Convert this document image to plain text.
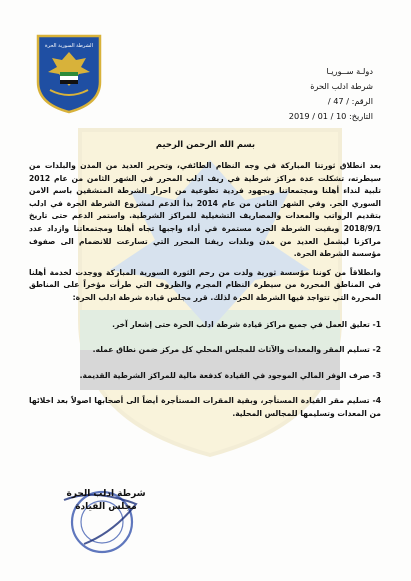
الشرطة السورية الحرة
دولـة ســوريـا
شرطة ادلب الحرة
الرقم: / 47 /
التاريخ: 10 / 01 / 2019
بسم الله الرحمن الرحيم

بعد انطلاق ثورتنا المباركة في وجه النظام الطائفي، وتحرير العديد من المدن والبلدات من سيطرته، تشكلت عدة مراكز شرطية في ريف ادلب المحرر في الشهر الثامن من عام 2012 تلبية لنداء أهلنا ومجتمعاتنا وبجهود فردية تطوعية من احرار الشرطة المنشقين باسم الامن السوري الحر. وفي الشهر الثامن من عام 2014 بدأ الدعم لمشروع الشرطة الحرة في ادلب بتقديم الرواتب والمعدات والمصاريف التشغيلية للمراكز الشرطية. واستمر الدعم حتى تاريخ 2018/9/1 وبقيت الشرطة الحرة مستمرة في أداء واجبها تجاه أهلنا ومجتمعاتنا وازداد عدد مراكزنا ليشمل العديد من مدن وبلدات ريفنا المحرر التي تسارعت للانضمام الى صفوف مؤسسة الشرطة الحرة.

وانطلاقاً من كوننا مؤسسة ثورية ولدت من رحم الثورة السورية المباركة ووجدت لخدمة أهلنا في المناطق المحررة من سيطرة النظام المجرم والظروف التي طرأت مؤخراً على المناطق المحررة التي تتواجد فيها الشرطة الحرة لذلك. قرر مجلس قيادة شرطة ادلب الحرة:

1- تعليق العمل في جميع مراكز قيادة شرطة ادلب الحرة حتى إشعار آخر.
2- تسليم المقر والمعدات والآثاث للمجلس المحلي كل مركز ضمن نطاق عمله.
3- صرف الوفر المالي الموجود في القيادة كدفعة مالية للمراكز الشرطية القديمة.
4- تسليم مقر القيادة المستأجر، وبقية المقرات المستأجرة أيضاً الى أصحابها اصولاً بعد اخلائها من المعدات وتسليمها للمجالس المحلية.
شرطة ادلب الحرة
مجلس القيادة
